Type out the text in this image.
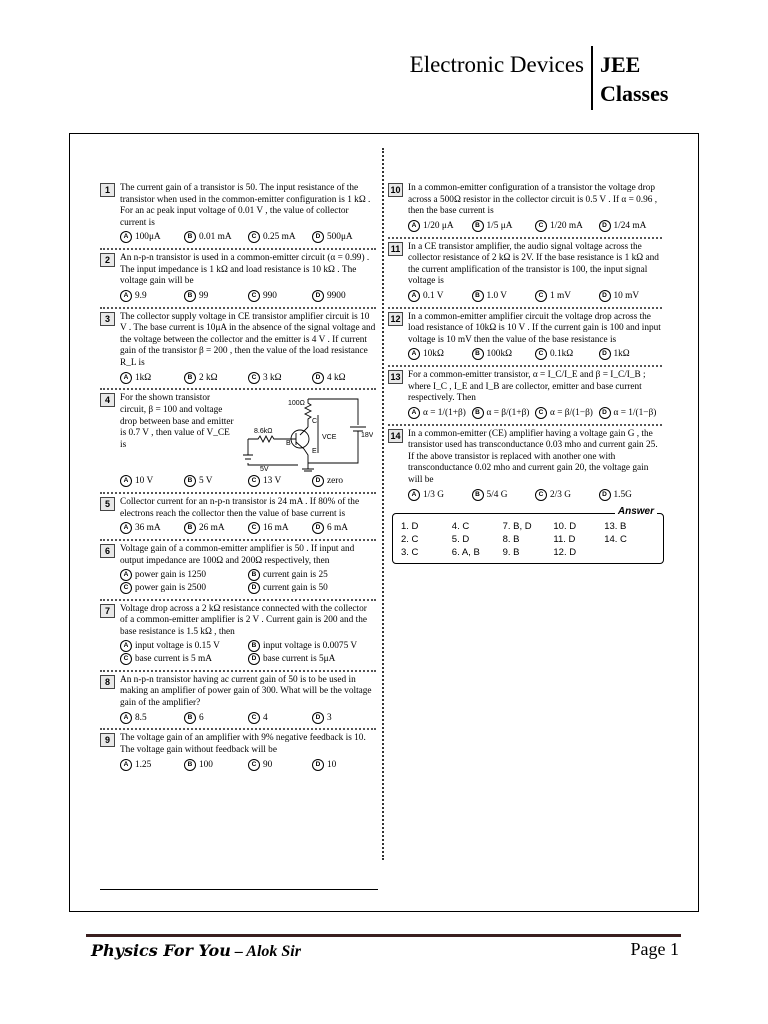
Electronic Devices JEE
Classes
1	The current gain of a transistor is 50. The input resistance of the transistor when used in the common-emitter configuration is 1 kΩ . For an ac peak input voltage of 0.01 V , the value of collector current is
A 100μA	B 0.01 mA	C 0.25 mA	D 500μA
2	An n-p-n transistor is used in a common-emitter circuit (α = 0.99) . The input impedance is 1 kΩ and load resistance is 10 kΩ . The voltage gain will be
A 9.9	B 99	C 990	D 9900
3	The collector supply voltage in CE transistor amplifier circuit is 10 V . The base current is 10μA in the absence of the signal voltage and the voltage between the collector and the emitter is 4 V . If current gain of the transistor β = 200 , then the value of the load resistance R_L is
A 1kΩ	B 2 kΩ	C 3 kΩ	D 4 kΩ
4	For the shown transistor circuit, β = 100 and voltage drop between base and emitter is 0.7 V , then value of V_CE is
100Ω
8.6kΩ
5V
18V
VCE
C
B
E
A 10 V	B 5 V	C 13 V	D zero
5	Collector current for an n-p-n transistor is 24 mA . If 80% of the electrons reach the collector then the value of base current is
A 36 mA	B 26 mA	C 16 mA	D 6 mA
6	Voltage gain of a common-emitter amplifier is 50 . If input and output impedance are 100Ω and 200Ω respectively, then
A power gain is 1250	B current gain is 25
C power gain is 2500	D current gain is 50
7	Voltage drop across a 2 kΩ resistance connected with the collector of a common-emitter amplifier is 2 V . Current gain is 200 and the base resistance is 1.5 kΩ , then
A input voltage is 0.15 V	B input voltage is 0.0075 V
C base current is 5 mA	D base current is 5μA
8	An n-p-n transistor having ac current gain of 50 is to be used in making an amplifier of power gain of 300. What will be the voltage gain of the amplifier?
A 8.5	B 6	C 4	D 3
9	The voltage gain of an amplifier with 9% negative feedback is 10. The voltage gain without feedback will be
A 1.25	B 100	C 90	D 10
10 In a common-emitter configuration of a transistor the voltage drop across a 500Ω resistor in the collector circuit is 0.5 V . If α = 0.96 , then the base current is
A 1/20 μA	B 1/5 μA	C 1/20 mA	D 1/24 mA
11 In a CE transistor amplifier, the audio signal voltage across the collector resistance of 2 kΩ is 2V. If the base resistance is 1 kΩ and the current amplification of the transistor is 100, the input signal voltage is
A 0.1 V	B 1.0 V	C 1 mV	D 10 mV
12 In a common-emitter amplifier circuit the voltage drop across the load resistance of 10kΩ is 10 V . If the current gain is 100 and input voltage is 10 mV then the value of the base resistance is
A 10kΩ	B 100kΩ	C 0.1kΩ	D 1kΩ
13 For a common-emitter transistor, α = I_C/I_E and β = I_C/I_B ; where I_C , I_E and I_B are collector, emitter and base current respectively. Then
A α = 1/(1+β)	B α = β/(1+β)	C α = β/(1−β)	D α = 1/(1−β)
14 In a common-emitter (CE) amplifier having a voltage gain G , the transistor used has transconductance 0.03 mho and current gain 25. If the above transistor is replaced with another one with transconductance 0.02 mho and current gain 20, the voltage gain will be
A 1/3 G	B 5/4 G	C 2/3 G	D 1.5G
Answer
1. D	4. C	7. B, D	10. D	13. B
2. C	5. D	8. B	11. D	14. C
3. C	6. A, B	9. B	12. D
Physics For You – Alok Sir	Page 1
